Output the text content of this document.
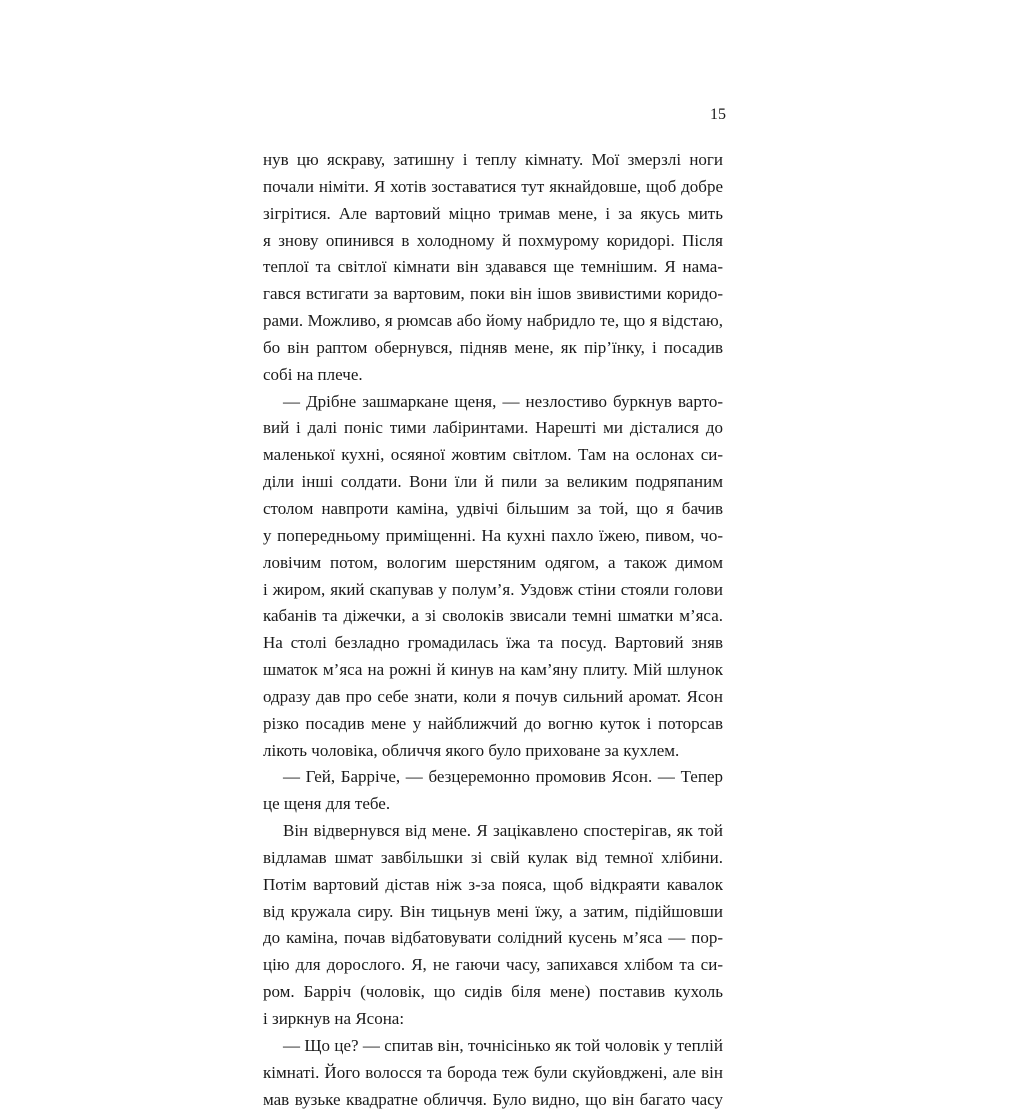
15
нув цю яскраву, затишну і теплу кімнату. Мої змерзлі ноги
почали німіти. Я хотів зоставатися тут якнайдовше, щоб добре
зігрітися. Але вартовий міцно тримав мене, і за якусь мить
я знову опинився в холодному й похмурому коридорі. Після
теплої та світлої кімнати він здавався ще темнішим. Я нама-
гався встигати за вартовим, поки він ішов звивистими коридо-
рами. Можливо, я рюмсав або йому набридло те, що я відстаю,
бо він раптом обернувся, підняв мене, як пір’їнку, і посадив
собі на плече.
— Дрібне зашмаркане щеня, — незлостиво буркнув варто-
вий і далі поніс тими лабіринтами. Нарешті ми дісталися до
маленької кухні, осяяної жовтим світлом. Там на ослонах си-
діли інші солдати. Вони їли й пили за великим подряпаним
столом навпроти каміна, удвічі більшим за той, що я бачив
у попередньому приміщенні. На кухні пахло їжею, пивом, чо-
ловічим потом, вологим шерстяним одягом, а також димом
і жиром, який скапував у полум’я. Уздовж стіни стояли голови
кабанів та діжечки, а зі сволоків звисали темні шматки м’яса.
На столі безладно громадилась їжа та посуд. Вартовий зняв
шматок м’яса на рожні й кинув на кам’яну плиту. Мій шлунок
одразу дав про себе знати, коли я почув сильний аромат. Ясон
різко посадив мене у найближчий до вогню куток і поторсав
лікоть чоловіка, обличчя якого було приховане за кухлем.
— Гей, Барріче, — безцеремонно промовив Ясон. — Тепер
це щеня для тебе.
Він відвернувся від мене. Я зацікавлено спостерігав, як той
відламав шмат завбільшки зі свій кулак від темної хлібини.
Потім вартовий дістав ніж з-за пояса, щоб відкраяти кавалок
від кружала сиру. Він тицьнув мені їжу, а затим, підійшовши
до каміна, почав відбатовувати солідний кусень м’яса — пор-
цію для дорослого. Я, не гаючи часу, запихався хлібом та си-
ром. Барріч (чоловік, що сидів біля мене) поставив кухоль
і зиркнув на Ясона:
— Що це? — спитав він, точнісінько як той чоловік у теплій
кімнаті. Його волосся та борода теж були скуйовджені, але він
мав вузьке квадратне обличчя. Було видно, що він багато часу
